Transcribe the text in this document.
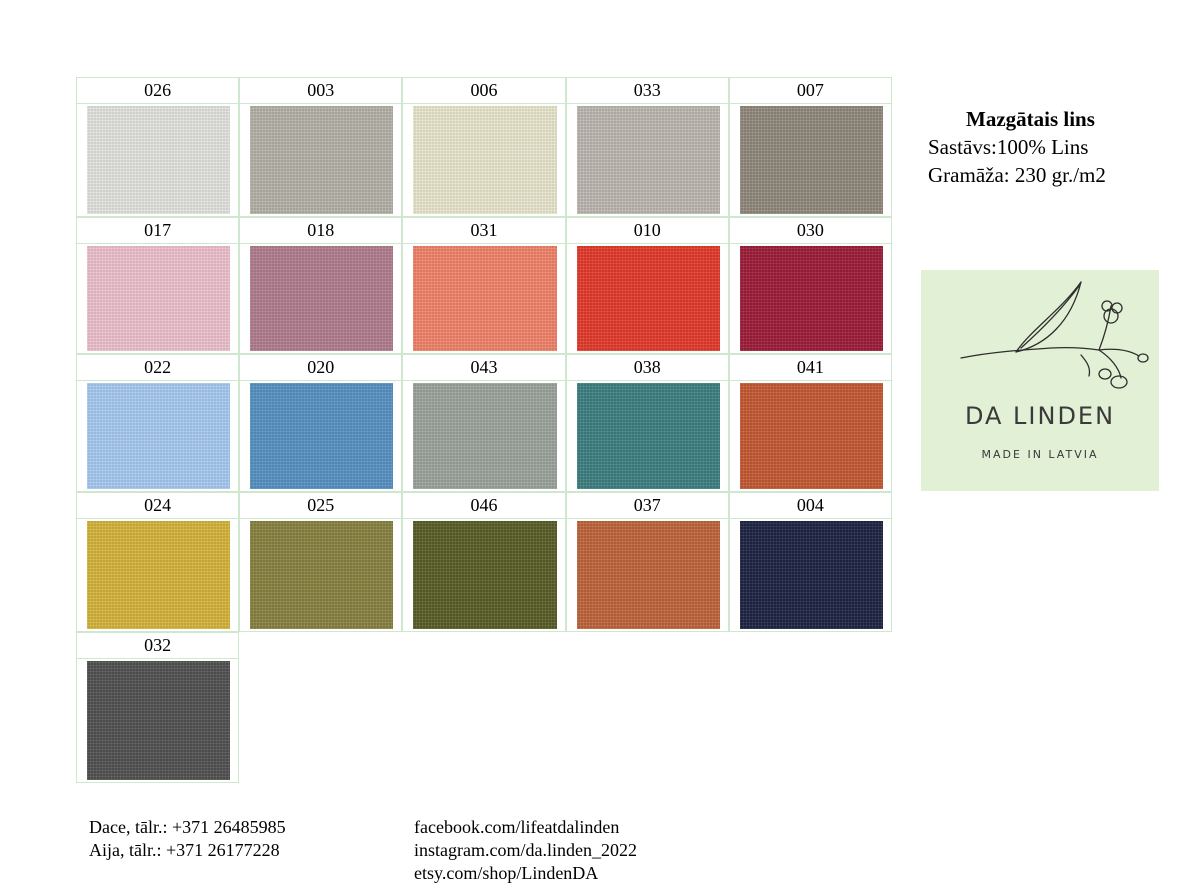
026	003	006	033	007
017	018	031	010	030
022	020	043	038	041
024	025	046	037	004
032
Mazgātais lins
Sastāvs:100% Lins
Gramāža: 230 gr./m2
DA LINDEN
MADE IN LATVIA
Dace, tālr.: +371 26485985
Aija, tālr.: +371 26177228
facebook.com/lifeatdalinden
instagram.com/da.linden_2022
etsy.com/shop/LindenDA
